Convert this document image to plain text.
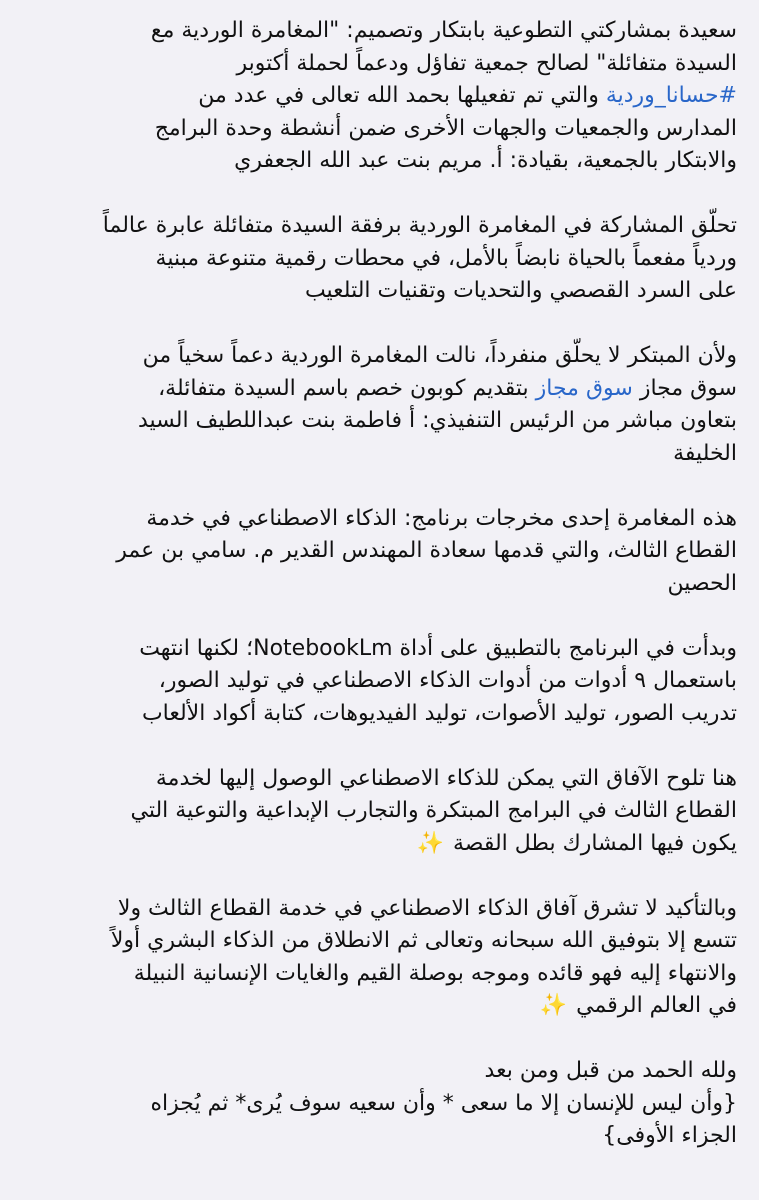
سعيدة بمشاركتي التطوعية بابتكار وتصميم: "المغامرة الوردية مع
السيدة متفائلة" لصالح جمعية تفاؤل ودعماً لحملة أكتوبر
#حسانا_وردية والتي تم تفعيلها بحمد الله تعالى في عدد من
المدارس والجمعيات والجهات الأخرى ضمن أنشطة وحدة البرامج
والابتكار بالجمعية، بقيادة: أ. مريم بنت عبد الله الجعفري
تحلّق المشاركة في المغامرة الوردية برفقة السيدة متفائلة عابرة عالماً
وردياً مفعماً بالحياة نابضاً بالأمل، في محطات رقمية متنوعة مبنية
على السرد القصصي والتحديات وتقنيات التلعيب
ولأن المبتكر لا يحلّق منفرداً، نالت المغامرة الوردية دعماً سخياً من
سوق مجاز سوق مجاز بتقديم كوبون خصم باسم السيدة متفائلة،
بتعاون مباشر من الرئيس التنفيذي: أ فاطمة بنت عبداللطيف السيد
الخليفة
هذه المغامرة إحدى مخرجات برنامج: الذكاء الاصطناعي في خدمة
القطاع الثالث، والتي قدمها سعادة المهندس القدير م. سامي بن عمر
الحصين
وبدأت في البرنامج بالتطبيق على أداة NotebookLm؛ لكنها انتهت
باستعمال ٩ أدوات من أدوات الذكاء الاصطناعي في توليد الصور،
تدريب الصور، توليد الأصوات، توليد الفيديوهات، كتابة أكواد الألعاب
هنا تلوح الآفاق التي يمكن للذكاء الاصطناعي الوصول إليها لخدمة
القطاع الثالث في البرامج المبتكرة والتجارب الإبداعية والتوعية التي
يكون فيها المشارك بطل القصة ✨
وبالتأكيد لا تشرق آفاق الذكاء الاصطناعي في خدمة القطاع الثالث ولا
تتسع إلا بتوفيق الله سبحانه وتعالى ثم الانطلاق من الذكاء البشري أولاً
والانتهاء إليه فهو قائده وموجه بوصلة القيم والغايات الإنسانية النبيلة
في العالم الرقمي ✨
ولله الحمد من قبل ومن بعد
{وأن ليس للإنسان إلا ما سعى * وأن سعيه سوف يُرى* ثم يُجزاه
الجزاء الأوفى}
